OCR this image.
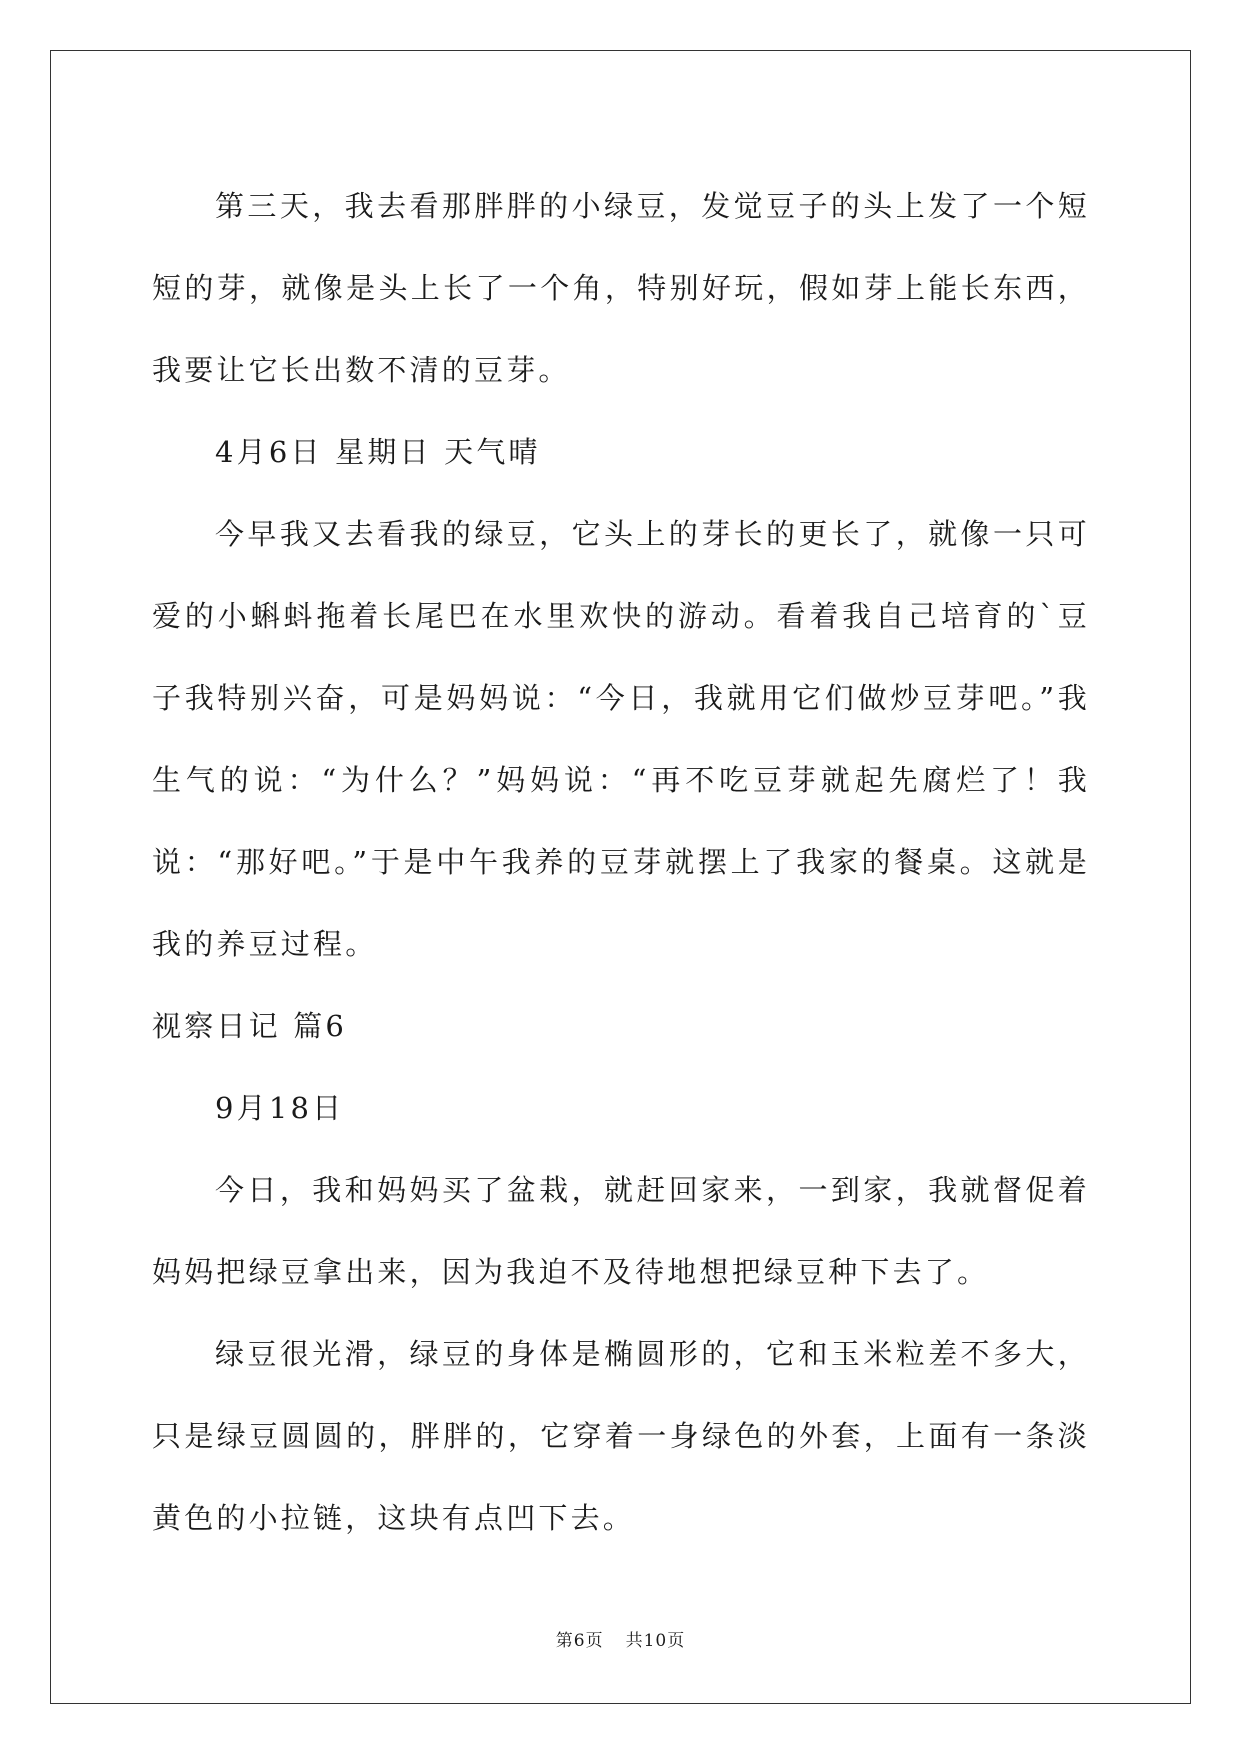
第三天，我去看那胖胖的小绿豆，发觉豆子的头上发了一个短短的芽，就像是头上长了一个角，特别好玩，假如芽上能长东西，我要让它长出数不清的豆芽。

4月6日 星期日 天气晴

今早我又去看我的绿豆，它头上的芽长的更长了，就像一只可爱的小蝌蚪拖着长尾巴在水里欢快的游动。看着我自己培育的`豆子我特别兴奋，可是妈妈说：“今日，我就用它们做炒豆芽吧。”我生气的说：“为什么？”妈妈说：“再不吃豆芽就起先腐烂了！我说：“那好吧。”于是中午我养的豆芽就摆上了我家的餐桌。这就是我的养豆过程。

视察日记 篇6

9月18日

今日，我和妈妈买了盆栽，就赶回家来，一到家，我就督促着妈妈把绿豆拿出来，因为我迫不及待地想把绿豆种下去了。

绿豆很光滑，绿豆的身体是椭圆形的，它和玉米粒差不多大，只是绿豆圆圆的，胖胖的，它穿着一身绿色的外套，上面有一条淡黄色的小拉链，这块有点凹下去。

第6页 共10页
